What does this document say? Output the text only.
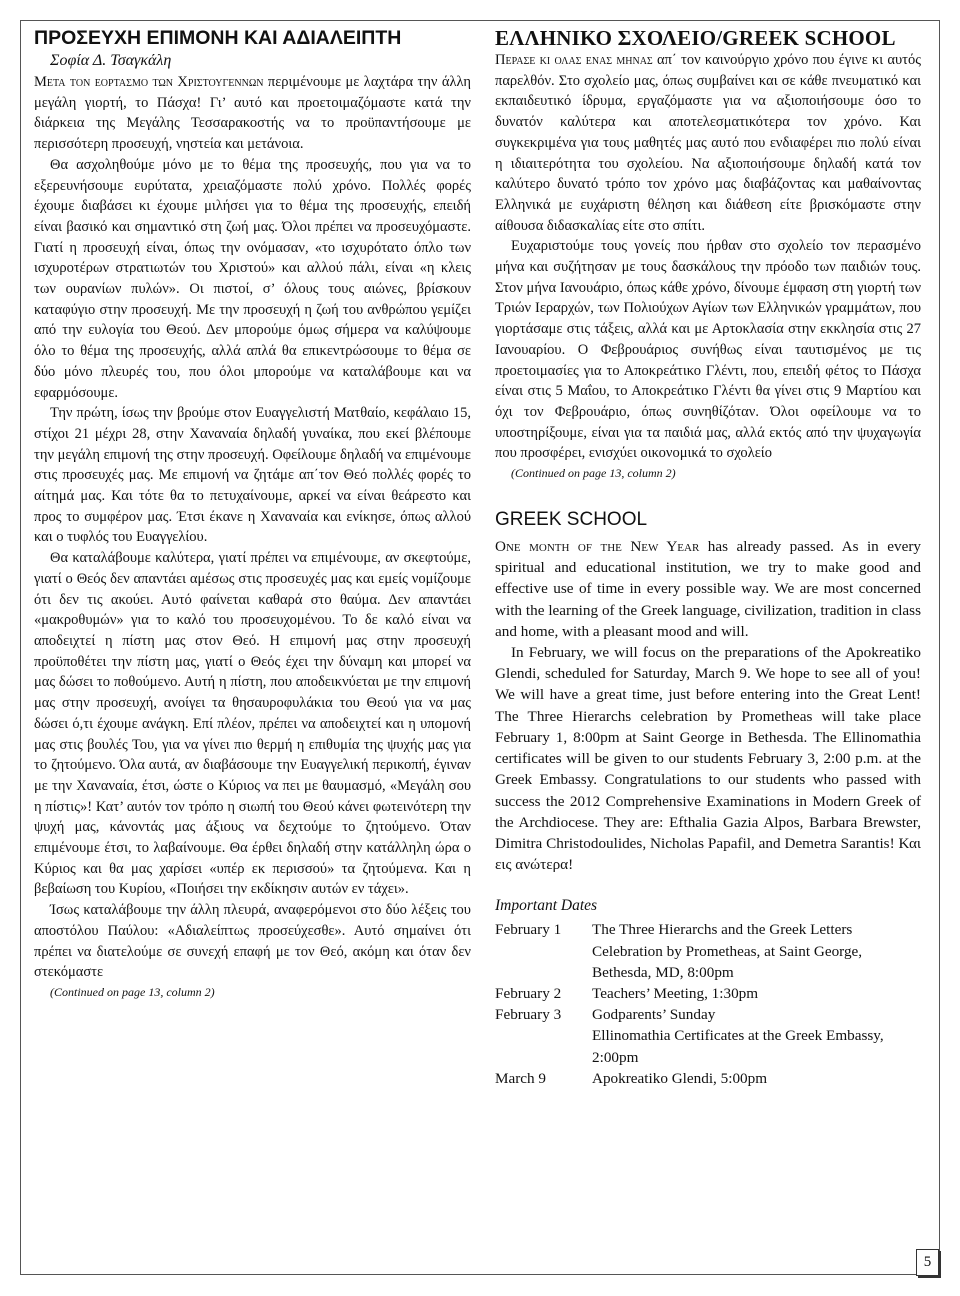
ΠΡΟΣΕΥΧΗ ΕΠΙΜΟΝΗ ΚΑΙ ΑΔΙΑΛΕΙΠΤΗ

Σοφία Δ. Τσαγκάλη

Μετα τον εορτασμο των Χριστουγεννων περιμένουμε με λαχτάρα την άλλη μεγάλη γιορτή, το Πάσχα! Γι’ αυτό και προετοιμαζόμαστε κατά την διάρκεια της Μεγάλης Τεσσαρακοστής να το προϋπαντήσουμε με περισσότερη προσευχή, νηστεία και μετάνοια.

Θα ασχοληθούμε μόνο με το θέμα της προσευχής, που για να το εξερευνήσουμε ευρύτατα, χρειαζόμαστε πολύ χρόνο. Πολλές φορές έχουμε διαβάσει κι έχουμε μιλήσει για το θέμα της προσευχής, επειδή είναι βασικό και σημαντικό στη ζωή μας. Όλοι πρέπει να προσευχόμαστε. Γιατί η προσευχή είναι, όπως την ονόμασαν, «το ισχυρότατο όπλο των ισχυροτέρων στρατιωτών του Χριστού» και αλλού πάλι, είναι «η κλεις των ουρανίων πυλών». Οι πιστοί, σ’ όλους τους αιώνες, βρίσκουν καταφύγιο στην προσευχή. Με την προσευχή η ζωή του ανθρώπου γεμίζει από την ευλογία του Θεού. Δεν μπορούμε όμως σήμερα να καλύψουμε όλο το θέμα της προσευχής, αλλά απλά θα επικεντρώσουμε το θέμα σε δύο μόνο πλευρές του, που όλοι μπορούμε να καταλάβουμε και να εφαρμόσουμε.

Την πρώτη, ίσως την βρούμε στον Ευαγγελιστή Ματθαίο, κεφάλαιο 15, στίχοι 21 μέχρι 28, στην Χαναναία δηλαδή γυναίκα, που εκεί βλέπουμε την μεγάλη επιμονή της στην προσευχή. Οφείλουμε δηλαδή να επιμένουμε στις προσευχές μας. Με επιμονή να ζητάμε απ΄τον Θεό πολλές φορές το αίτημά μας. Και τότε θα το πετυχαίνουμε, αρκεί να είναι θεάρεστο και προς το συμφέρον μας. Έτσι έκανε η Χαναναία και ενίκησε, όπως αλλού και ο τυφλός του Ευαγγελίου.

Θα καταλάβουμε καλύτερα, γιατί πρέπει να επιμένουμε, αν σκεφτούμε, γιατί ο Θεός δεν απαντάει αμέσως στις προσευχές μας και εμείς νομίζουμε ότι δεν τις ακούει. Αυτό φαίνεται καθαρά στο θαύμα. Δεν απαντάει «μακροθυμών» για το καλό του προσευχομένου. Το δε καλό είναι να αποδειχτεί η πίστη μας στον Θεό. Η επιμονή μας στην προσευχή προϋποθέτει την πίστη μας, γιατί ο Θεός έχει την δύναμη και μπορεί να μας δώσει το ποθούμενο. Αυτή η πίστη, που αποδεικνύεται με την επιμονή μας στην προσευχή, ανοίγει τα θησαυροφυλάκια του Θεού για να μας δώσει ό,τι έχουμε ανάγκη. Επί πλέον, πρέπει να αποδειχτεί και η υπομονή μας στις βουλές Του, για να γίνει πιο θερμή η επιθυμία της ψυχής μας για το ζητούμενο. Όλα αυτά, αν διαβάσουμε την Ευαγγελική περικοπή, έγιναν με την Χαναναία, έτσι, ώστε ο Κύριος να πει με θαυμασμό, «Μεγάλη σου η πίστις»! Κατ’ αυτόν τον τρόπο η σιωπή του Θεού κάνει φωτεινότερη την ψυχή μας, κάνοντάς μας άξιους να δεχτούμε το ζητούμενο. Όταν επιμένουμε έτσι, το λαβαίνουμε. Θα έρθει δηλαδή στην κατάλληλη ώρα ο Κύριος και θα μας χαρίσει «υπέρ εκ περισσού» τα ζητούμενα. Και η βεβαίωση του Κυρίου, «Ποιήσει την εκδίκησιν αυτών εν τάχει».

Ίσως καταλάβουμε την άλλη πλευρά, αναφερόμενοι στο δύο λέξεις του αποστόλου Παύλου: «Αδιαλείπτως προσεύχεσθε». Αυτό σημαίνει ότι πρέπει να διατελούμε σε συνεχή επαφή με τον Θεό, ακόμη και όταν δεν στεκόμαστε

(Continued on page 13, column 2)

ΕΛΛΗΝΙΚΟ ΣΧΟΛΕΙΟ/GREEK SCHOOL

Περασε κι ολας ενας μηνας απ΄ τον καινούργιο χρόνο που έγινε κι αυτός παρελθόν. Στο σχολείο μας, όπως συμβαίνει και σε κάθε πνευματικό και εκπαιδευτικό ίδρυμα, εργαζόμαστε για να αξιοποιήσουμε όσο το δυνατόν καλύτερα και αποτελεσματικότερα τον χρόνο. Και συγκεκριμένα για τους μαθητές μας αυτό που ενδιαφέρει πιο πολύ είναι η ιδιαιτερότητα του σχολείου. Να αξιοποιήσουμε δηλαδή κατά τον καλύτερο δυνατό τρόπο τον χρόνο μας διαβάζοντας και μαθαίνοντας Ελληνικά με ευχάριστη θέληση και διάθεση είτε βρισκόμαστε στην αίθουσα διδασκαλίας είτε στο σπίτι.

Ευχαριστούμε τους γονείς που ήρθαν στο σχολείο τον περασμένο μήνα και συζήτησαν με τους δασκάλους την πρόοδο των παιδιών τους. Στον μήνα Ιανουάριο, όπως κάθε χρόνο, δίνουμε έμφαση στη γιορτή των Τριών Ιεραρχών, των Πολιούχων Αγίων των Ελληνικών γραμμάτων, που γιορτάσαμε στις τάξεις, αλλά και με Αρτοκλασία στην εκκλησία στις 27 Ιανουαρίου. Ο Φεβρουάριος συνήθως είναι ταυτισμένος με τις προετοιμασίες για το Αποκρεάτικο Γλέντι, που, επειδή φέτος το Πάσχα είναι στις 5 Μαΐου, το Αποκρεάτικο Γλέντι θα γίνει στις 9 Μαρτίου και όχι τον Φεβρουάριο, όπως συνηθίζόταν. Όλοι οφείλουμε να το υποστηρίξουμε, είναι για τα παιδιά μας, αλλά εκτός από την ψυχαγωγία που προσφέρει, ενισχύει οικονομικά το σχολείο

(Continued on page 13, column 2)

GREEK SCHOOL

One month of the New Year has already passed. As in every spiritual and educational institution, we try to make good and effective use of time in every possible way. We are most concerned with the learning of the Greek language, civilization, tradition in class and home, with a pleasant mood and will.

In February, we will focus on the preparations of the Apokreatiko Glendi, scheduled for Saturday, March 9. We hope to see all of you! We will have a great time, just before entering into the Great Lent! The Three Hierarchs celebration by Prometheas will take place February 1, 8:00pm at Saint George in Bethesda. The Ellinomathia certificates will be given to our students February 3, 2:00 p.m. at the Greek Embassy. Congratulations to our students who passed with success the 2012 Comprehensive Examinations in Modern Greek of the Archdiocese. They are: Efthalia Gazia Alpos, Barbara Brewster, Dimitra Christodoulides, Nicholas Papafil, and Demetra Sarantis! Και εις ανώτερα!

Important Dates
February 1	The Three Hierarchs and the Greek Letters Celebration by Prometheas, at Saint George, Bethesda, MD, 8:00pm
February 2	Teachers’ Meeting, 1:30pm
February 3	Godparents’ Sunday
	Ellinomathia Certificates at the Greek Embassy, 2:00pm
March 9	Apokreatiko Glendi, 5:00pm
5
